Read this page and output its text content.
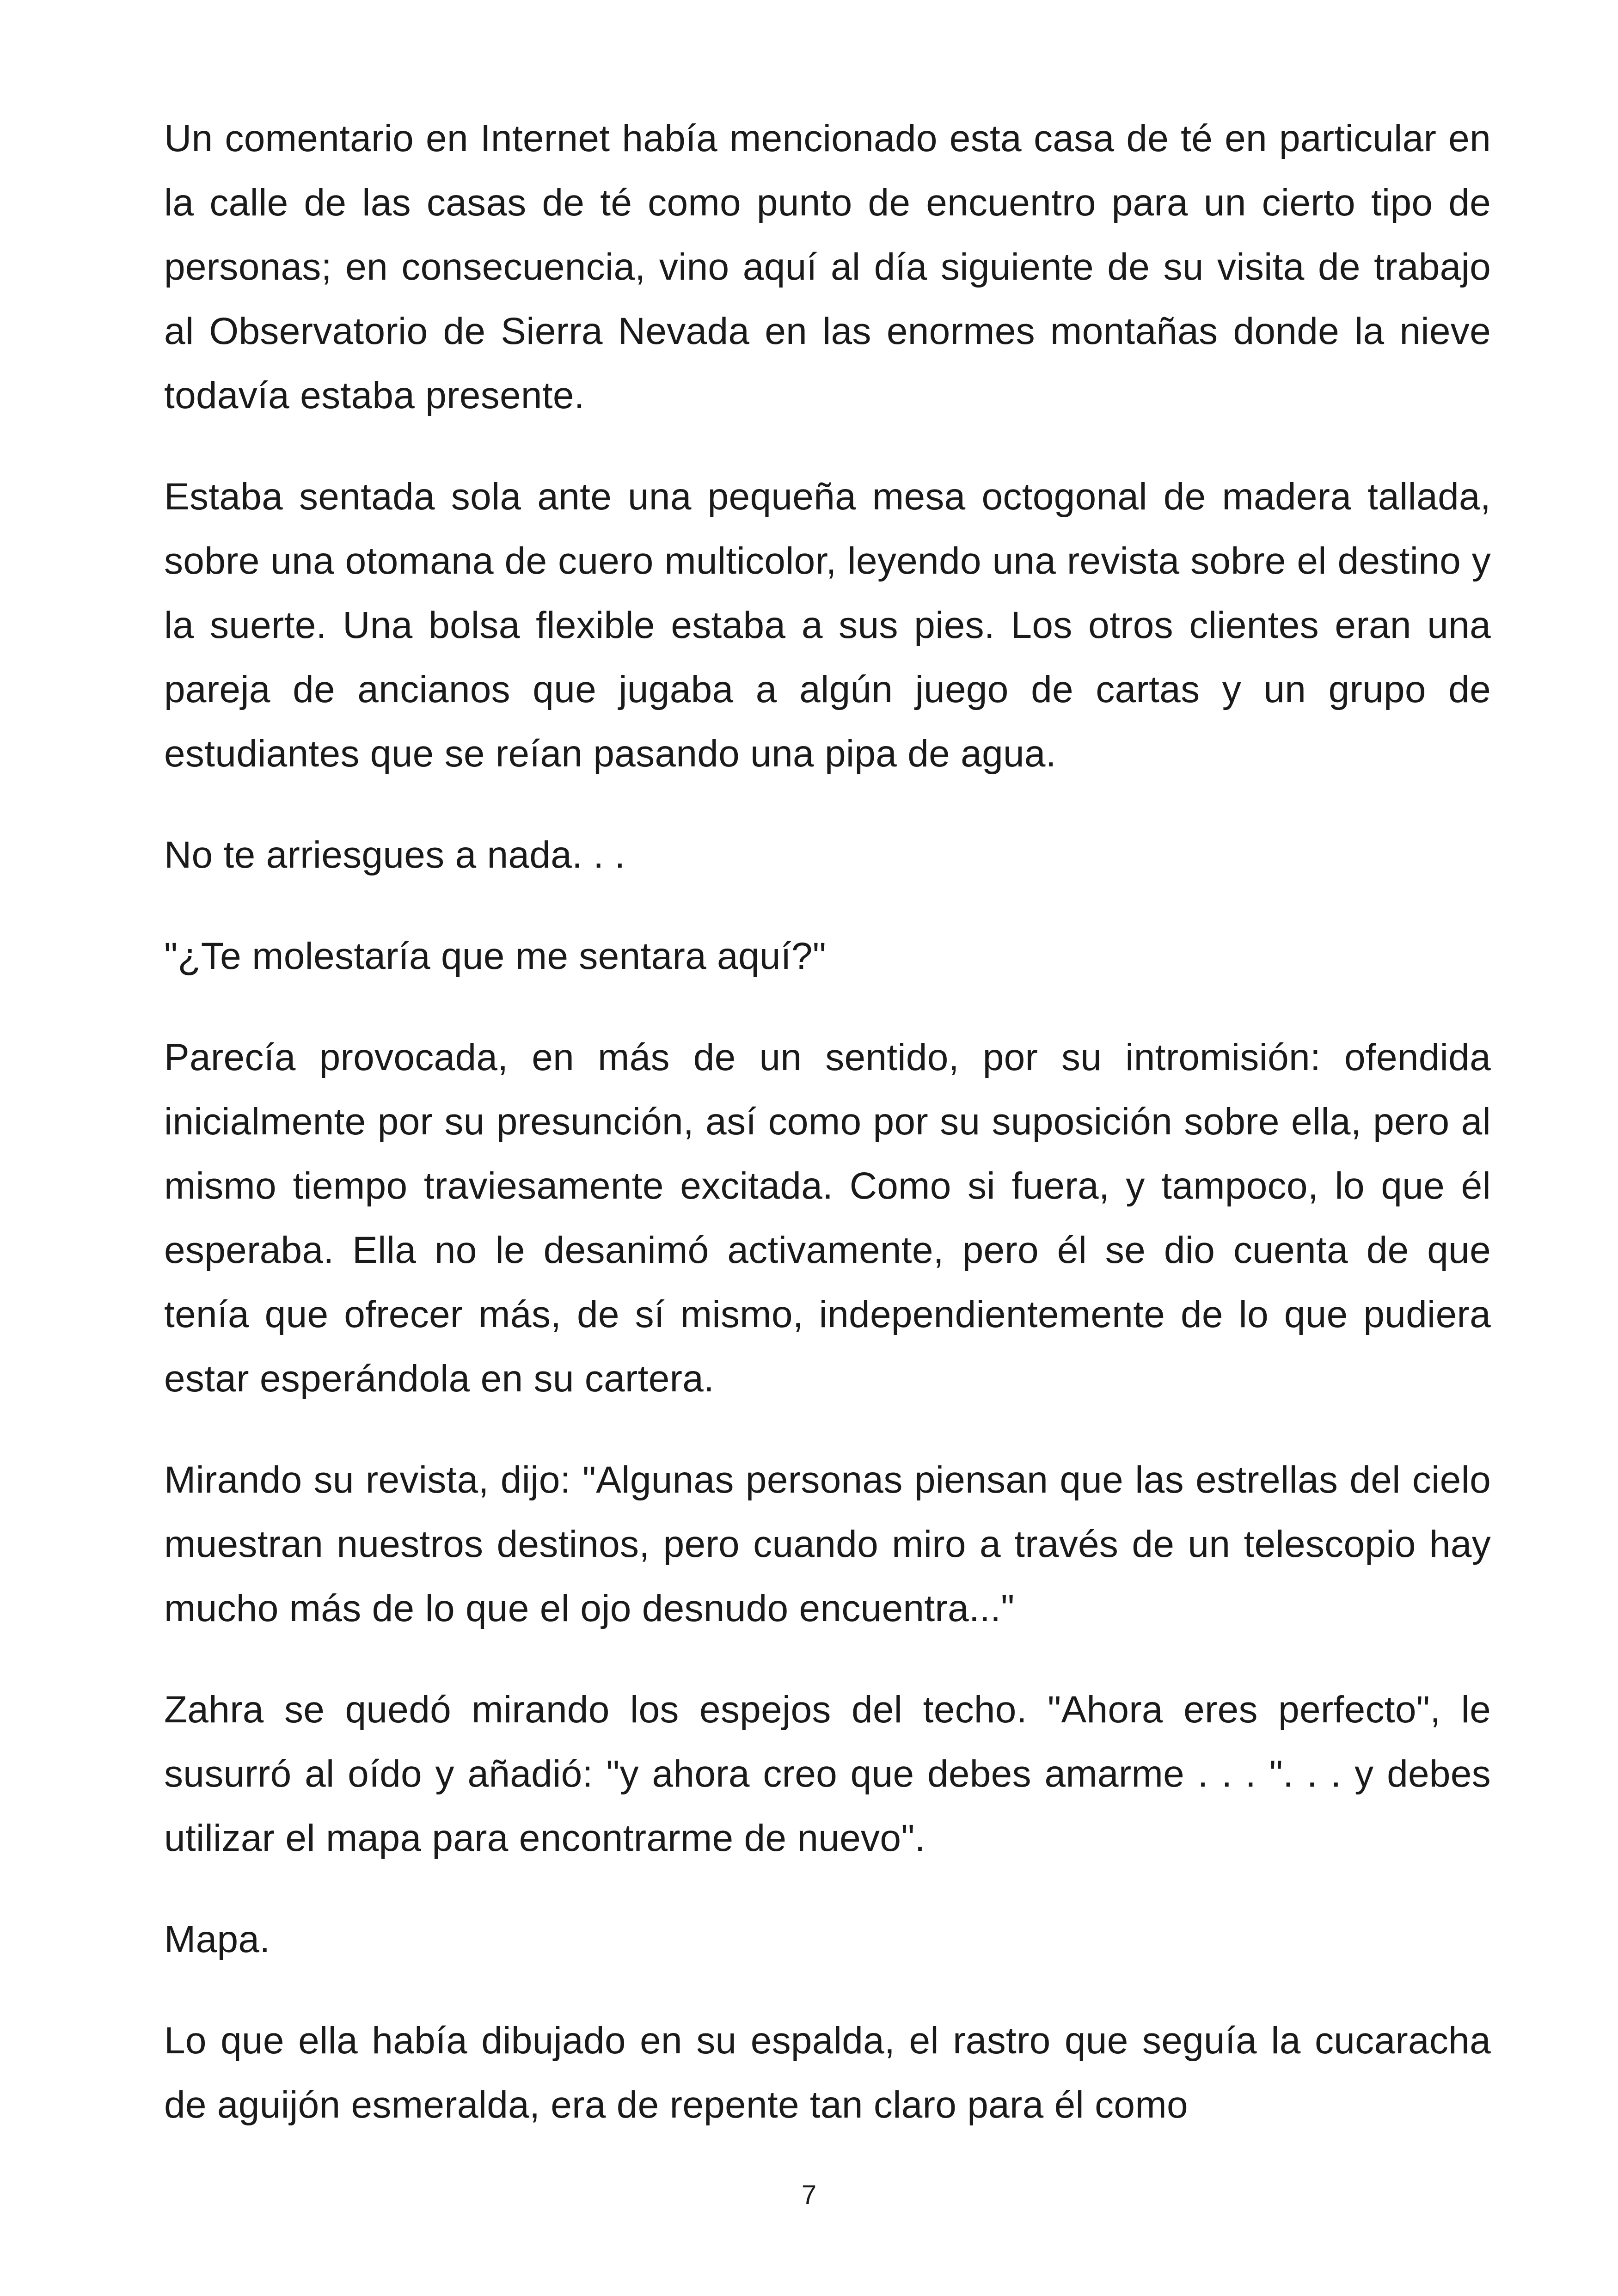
Un comentario en Internet había mencionado esta casa de té en particular en la calle de las casas de té como punto de encuentro para un cierto tipo de personas; en consecuencia, vino aquí al día siguiente de su visita de trabajo al Observatorio de Sierra Nevada en las enormes montañas donde la nieve todavía estaba presente.

Estaba sentada sola ante una pequeña mesa octogonal de madera tallada, sobre una otomana de cuero multicolor, leyendo una revista sobre el destino y la suerte. Una bolsa flexible estaba a sus pies. Los otros clientes eran una pareja de ancianos que jugaba a algún juego de cartas y un grupo de estudiantes que se reían pasando una pipa de agua.

No te arriesgues a nada. . .

"¿Te molestaría que me sentara aquí?"

Parecía provocada, en más de un sentido, por su intromisión: ofendida inicialmente por su presunción, así como por su suposición sobre ella, pero al mismo tiempo traviesamente excitada. Como si fuera, y tampoco, lo que él esperaba. Ella no le desanimó activamente, pero él se dio cuenta de que tenía que ofrecer más, de sí mismo, independientemente de lo que pudiera estar esperándola en su cartera.

Mirando su revista, dijo: "Algunas personas piensan que las estrellas del cielo muestran nuestros destinos, pero cuando miro a través de un telescopio hay mucho más de lo que el ojo desnudo encuentra..."

Zahra se quedó mirando los espejos del techo. "Ahora eres perfecto", le susurró al oído y añadió: "y ahora creo que debes amarme . . . ". . . y debes utilizar el mapa para encontrarme de nuevo".

Mapa.

Lo que ella había dibujado en su espalda, el rastro que seguía la cucaracha de aguijón esmeralda, era de repente tan claro para él como

7
